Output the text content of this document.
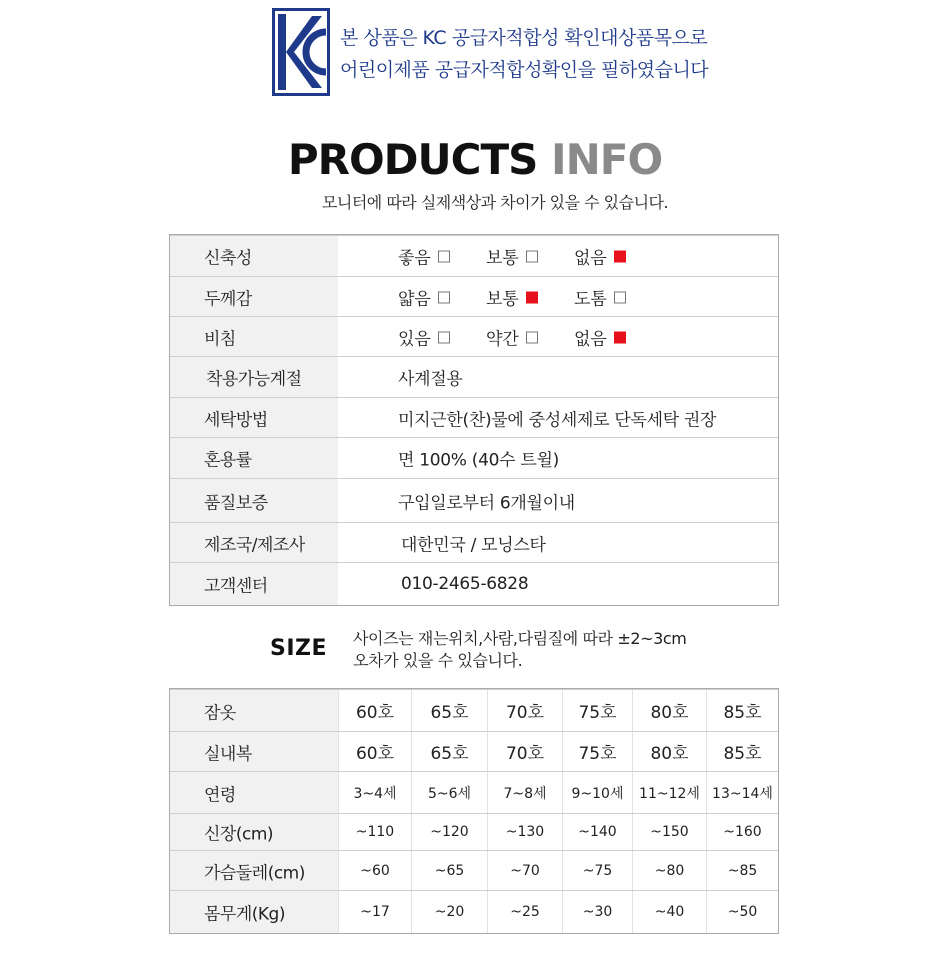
본 상품은 KC 공급자적합성 확인대상품목으로
어린이제품 공급자적합성확인을 필하였습니다
PRODUCTS INFO
모니터에 따라 실제색상과 차이가 있을 수 있습니다.
신축성	좋음	보통	없음
두께감	얇음	보통	도톰
비침	있음	약간	없음
착용가능계절	사계절용
세탁방법	미지근한(찬)물에 중성세제로 단독세탁 권장
혼용률	면 100% (40수 트윌)
품질보증	구입일로부터 6개월이내
제조국/제조사	대한민국 / 모닝스타
고객센터	010-2465-6828
SIZE 사이즈는 재는위치,사람,다림질에 따라 ±2~3cm
오차가 있을 수 있습니다.
잠옷	60호	65호	70호	75호	80호	85호
실내복	60호	65호	70호	75호	80호	85호
연령	3~4세	5~6세	7~8세	9~10세	11~12세 13~14세
신장(cm)	~110	~120	~130	~140	~150	~160
가슴둘레(cm)	~60	~65	~70	~75	~80	~85
몸무게(Kg)	~17	~20	~25	~30	~40	~50
